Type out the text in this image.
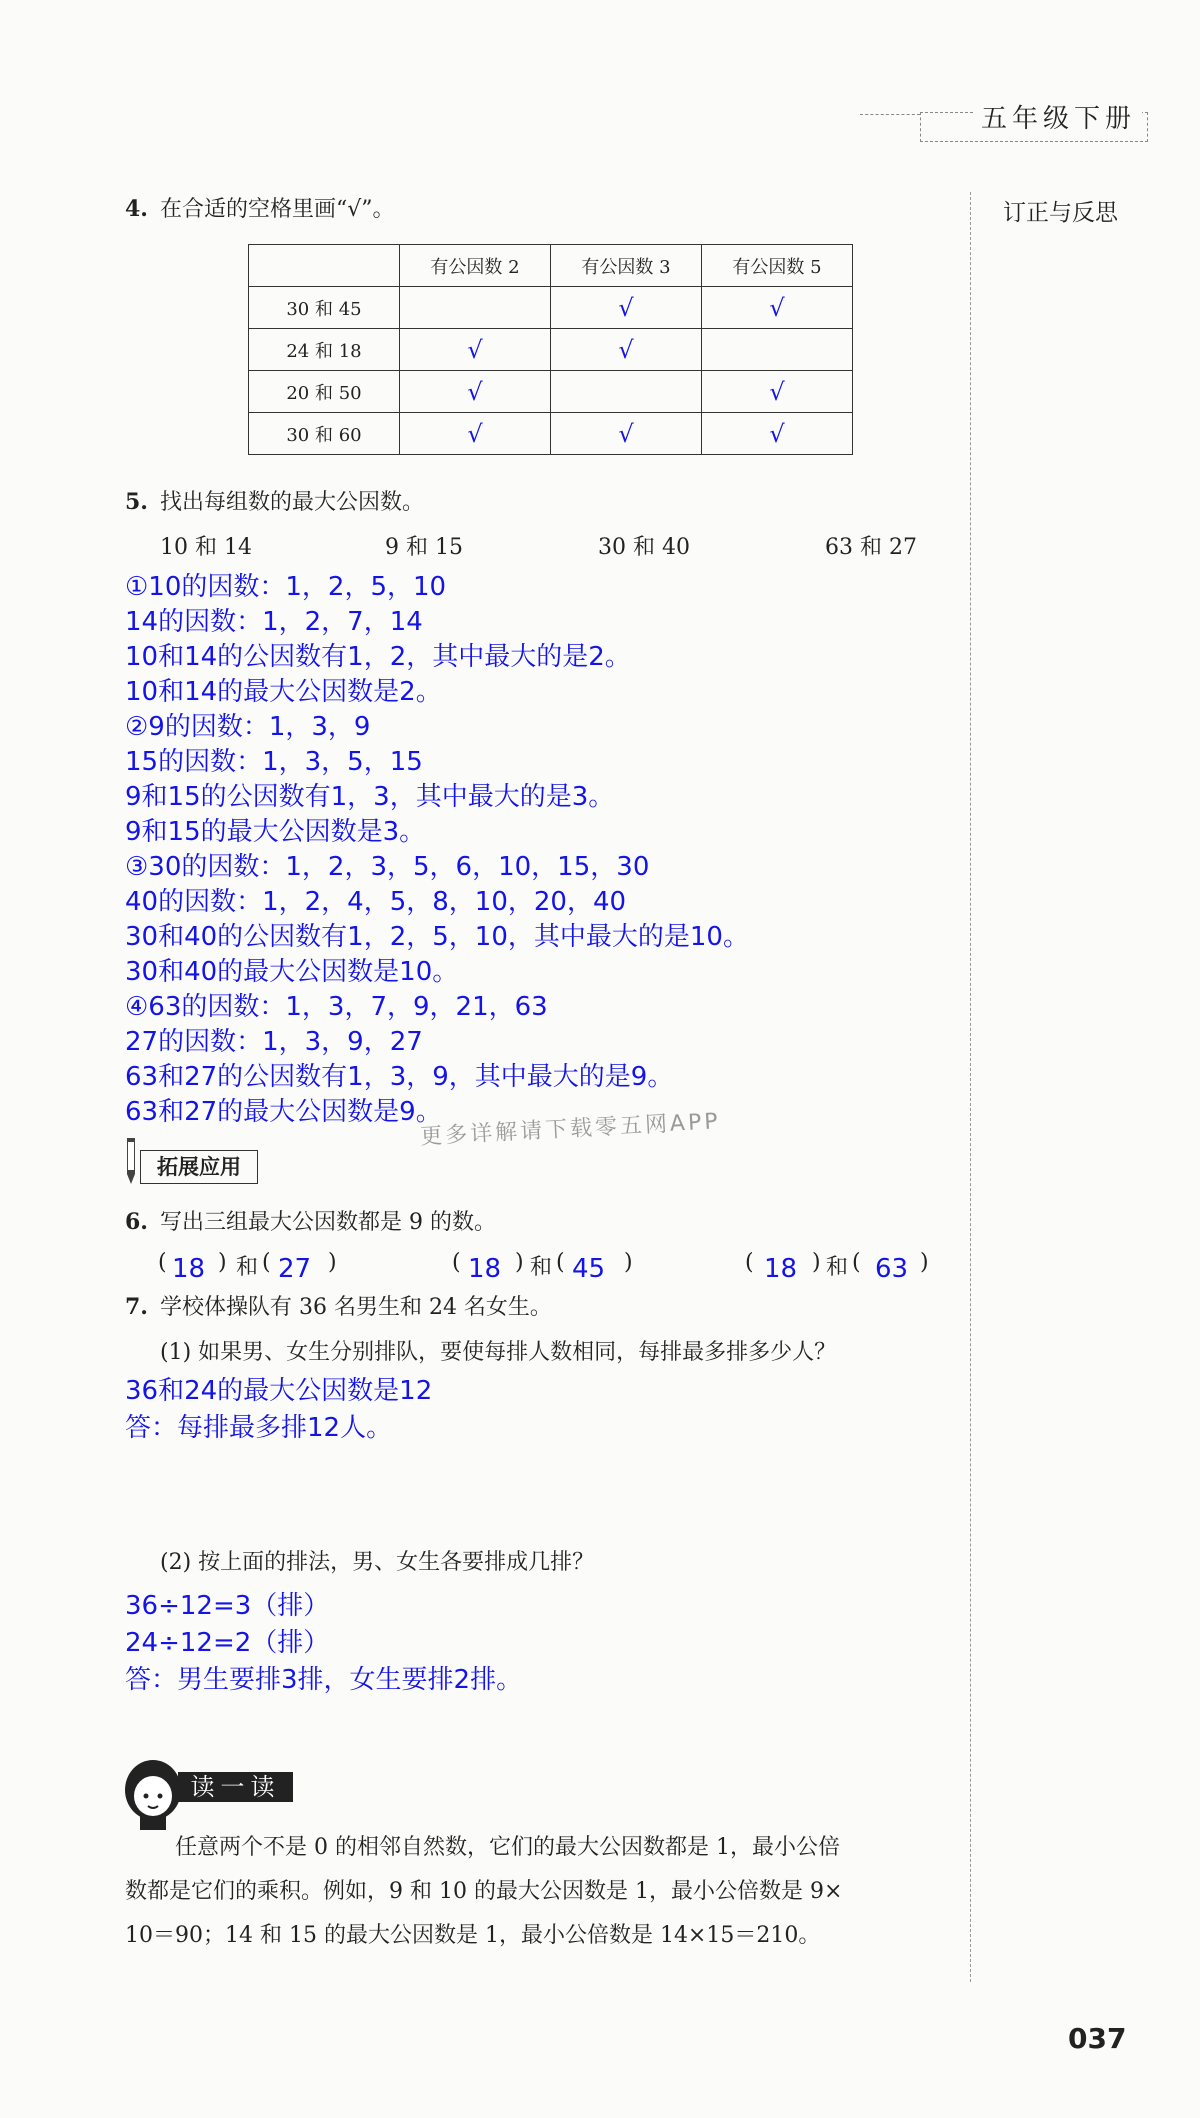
五年级下册
订正与反思
4. 在合适的空格里画“√”。
	有公因数 2	有公因数 3	有公因数 5
30 和 45		√	√
24 和 18	√	√	
20 和 50	√		√
30 和 60	√	√	√
5. 找出每组数的最大公因数。
10 和 14	9 和 15	30 和 40	63 和 27
①10的因数：1，2，5，10
14的因数：1，2，7，14
10和14的公因数有1，2，其中最大的是2。
10和14的最大公因数是2。
②9的因数：1，3，9
15的因数：1，3，5，15
9和15的公因数有1，3，其中最大的是3。
9和15的最大公因数是3。
③30的因数：1，2，3，5，6，10，15，30
40的因数：1，2，4，5，8，10，20，40
30和40的公因数有1，2，5，10，其中最大的是10。
30和40的最大公因数是10。
④63的因数：1，3，7，9，21，63
27的因数：1，3，9，27
63和27的公因数有1，3，9，其中最大的是9。
63和27的最大公因数是9。
更多详解请下载零五网APP
拓展应用
6. 写出三组最大公因数都是 9 的数。
( 18 ) 和 ( 27 )	( 18 ) 和 ( 45 )	( 18 ) 和 ( 63 )
7. 学校体操队有 36 名男生和 24 名女生。
(1) 如果男、女生分别排队，要使每排人数相同，每排最多排多少人？
36和24的最大公因数是12
答：每排最多排12人。
(2) 按上面的排法，男、女生各要排成几排？
36÷12=3（排）
24÷12=2（排）
答：男生要排3排，女生要排2排。
读一读
任意两个不是 0 的相邻自然数，它们的最大公因数都是 1，最小公倍
数都是它们的乘积。例如，9 和 10 的最大公因数是 1，最小公倍数是 9×
10＝90；14 和 15 的最大公因数是 1，最小公倍数是 14×15＝210。
037
